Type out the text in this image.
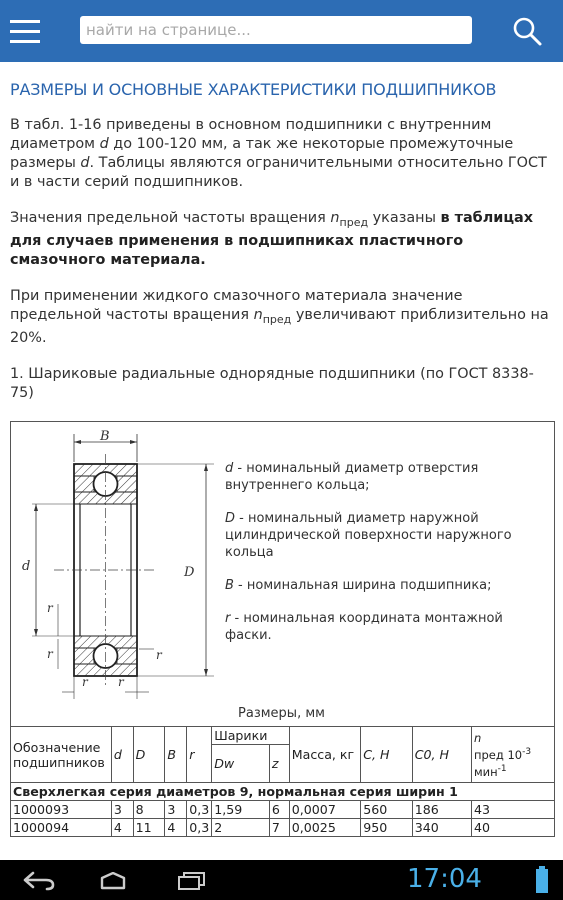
найти на странице...
РАЗМЕРЫ И ОСНОВНЫЕ ХАРАКТЕРИСТИКИ ПОДШИПНИКОВ

В табл. 1-16 приведены в основном подшипники с внутренним диаметром d до 100-120 мм, а так же некоторые промежуточные размеры d. Таблицы являются ограничительными относительно ГОСТ и в части серий подшипников.

Значения предельной частоты вращения $n_{пред}$ указаны в таблицах для случаев применения в подшипниках пластичного смазочного материала.

При применении жидкого смазочного материала значение предельной частоты вращения $n_{пред}$ увеличивают приблизительно на 20%.

1. Шариковые радиальные однорядные подшипники (по ГОСТ 8338-75)

B
d	D
r
r
r	r
r
d - номинальный диаметр отверстия внутреннего кольца;
D - номинальный диаметр наружной цилиндрической поверхности наружного кольца
B - номинальная ширина подшипника;
r - номинальная координата монтажной фаски.
Размеры, мм
Обозначение подшипников	d	D	B	r	Шарики		Масса, кг	C, H	C0, H	n
пред $10^{-3}$
мин$^{-1}$
					Dw	z				
Сверхлегкая серия диаметров 9, нормальная серия ширин 1										
1000093	3	8	3	0,3	1,59	6	0,0007	560	186	43
1000094	4	11	4	0,3	2	7	0,0025	950	340	40
17:04
